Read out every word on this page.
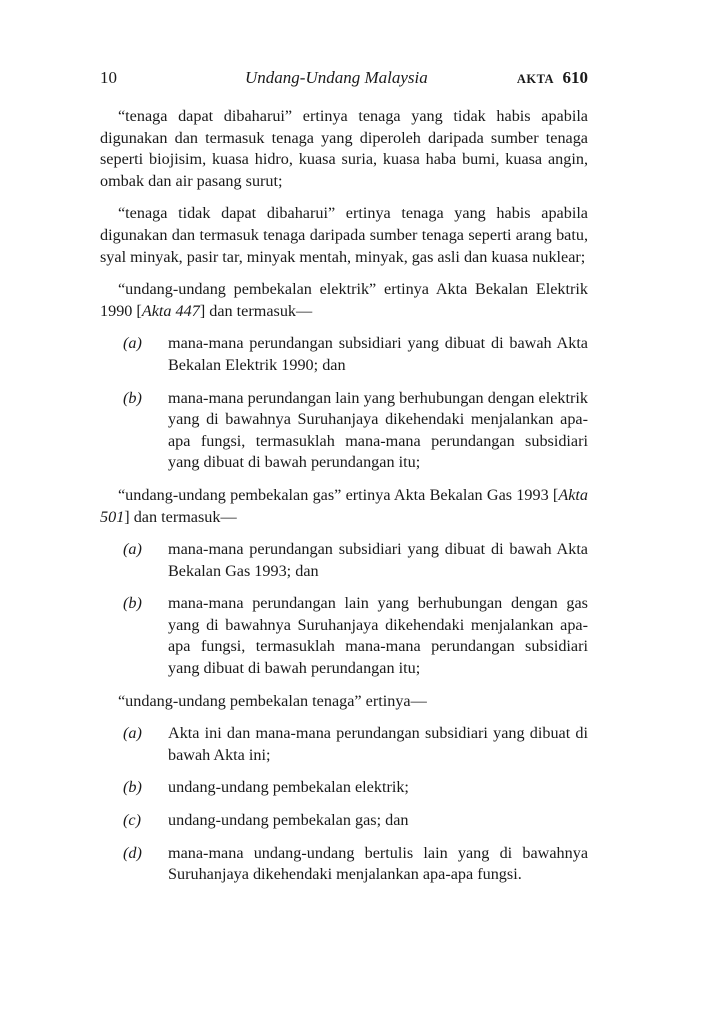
10	Undang-Undang Malaysia	AKTA 610

“tenaga dapat dibaharui” ertinya tenaga yang tidak habis apabila digunakan dan termasuk tenaga yang diperoleh daripada sumber tenaga seperti biojisim, kuasa hidro, kuasa suria, kuasa haba bumi, kuasa angin, ombak dan air pasang surut;

“tenaga tidak dapat dibaharui” ertinya tenaga yang habis apabila digunakan dan termasuk tenaga daripada sumber tenaga seperti arang batu, syal minyak, pasir tar, minyak mentah, minyak, gas asli dan kuasa nuklear;

“undang-undang pembekalan elektrik” ertinya Akta Bekalan Elektrik 1990 [Akta 447] dan termasuk—

(a)	mana-mana perundangan subsidiari yang dibuat di bawah Akta Bekalan Elektrik 1990; dan
(b)	mana-mana perundangan lain yang berhubungan dengan elektrik yang di bawahnya Suruhanjaya dikehendaki menjalankan apa-apa fungsi, termasuklah mana-mana perundangan subsidiari yang dibuat di bawah perundangan itu;

“undang-undang pembekalan gas” ertinya Akta Bekalan Gas 1993 [Akta 501] dan termasuk—

(a)	mana-mana perundangan subsidiari yang dibuat di bawah Akta Bekalan Gas 1993; dan
(b)	mana-mana perundangan lain yang berhubungan dengan gas yang di bawahnya Suruhanjaya dikehendaki menjalankan apa-apa fungsi, termasuklah mana-mana perundangan subsidiari yang dibuat di bawah perundangan itu;

“undang-undang pembekalan tenaga” ertinya—

(a)	Akta ini dan mana-mana perundangan subsidiari yang dibuat di bawah Akta ini;
(b)	undang-undang pembekalan elektrik;
(c)	undang-undang pembekalan gas; dan
(d)	mana-mana undang-undang bertulis lain yang di bawahnya Suruhanjaya dikehendaki menjalankan apa-apa fungsi.
